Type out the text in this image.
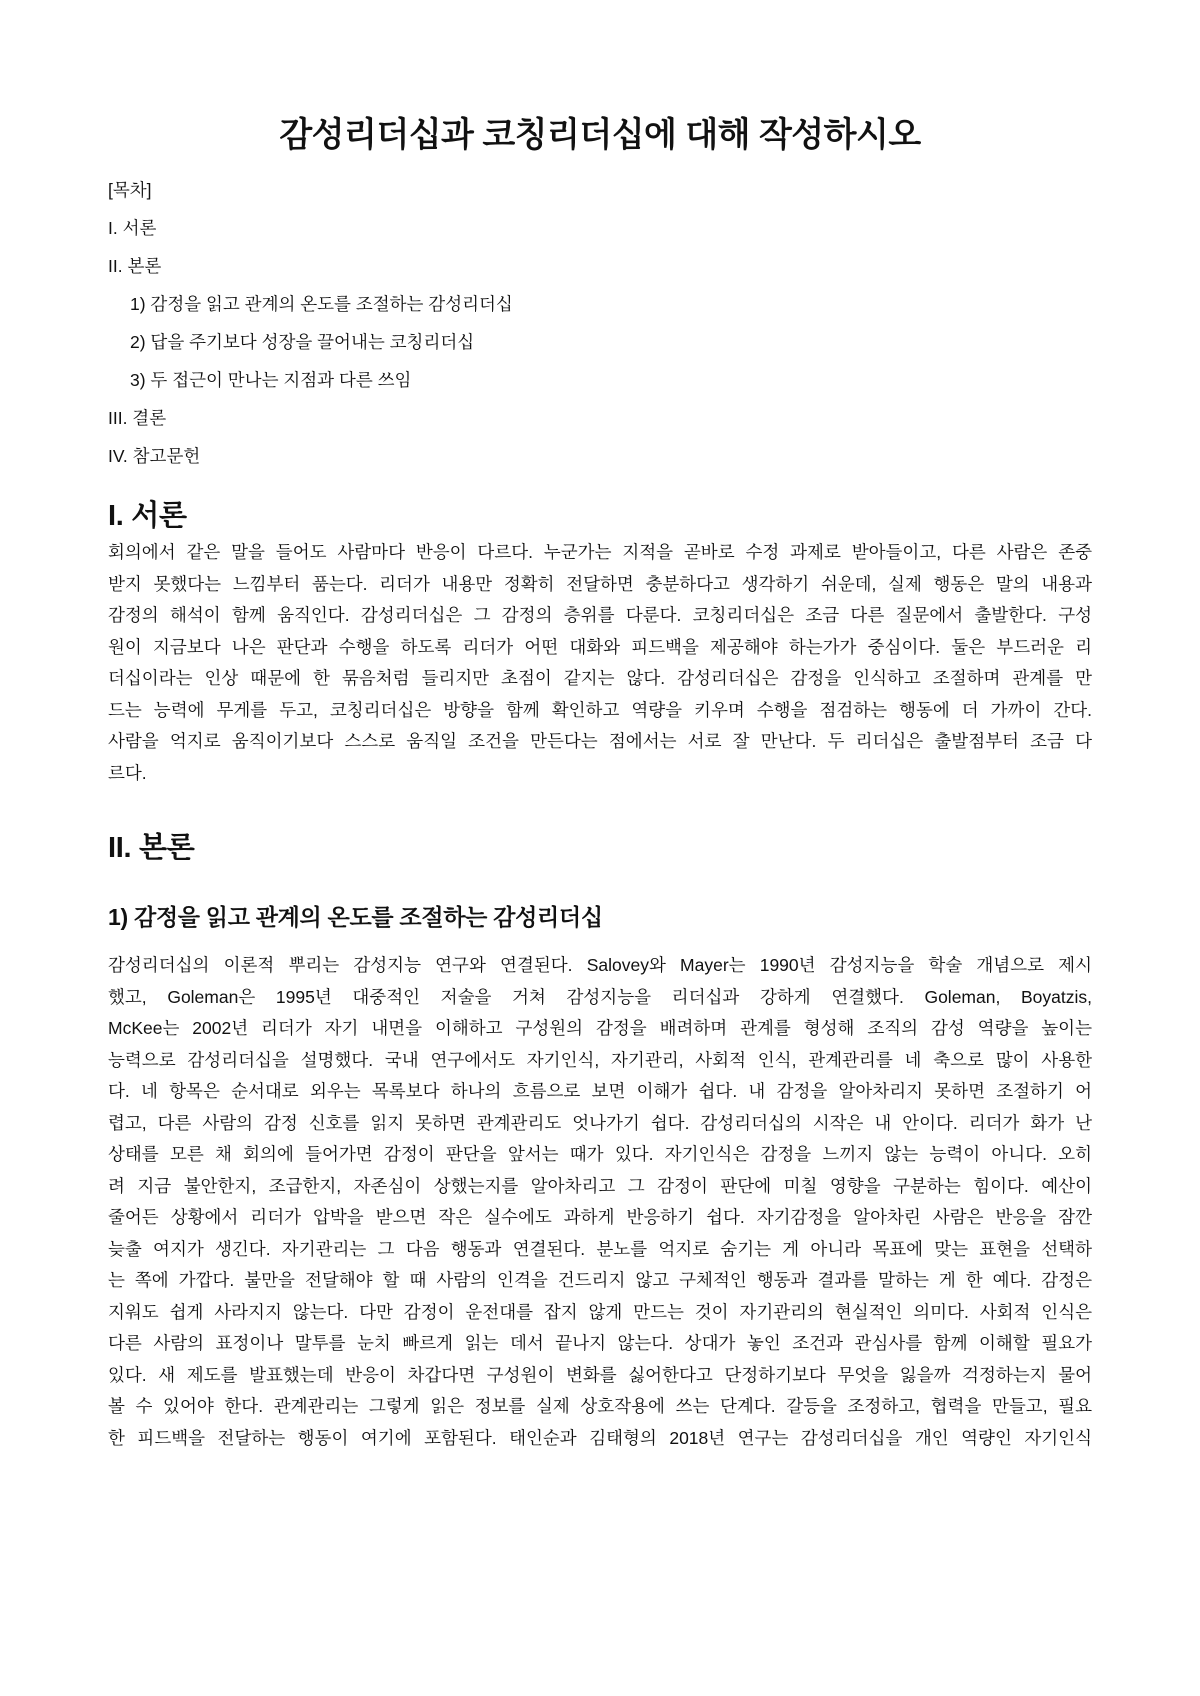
감성리더십과 코칭리더십에 대해 작성하시오
[목차]
I. 서론
II. 본론
1) 감정을 읽고 관계의 온도를 조절하는 감성리더십
2) 답을 주기보다 성장을 끌어내는 코칭리더십
3) 두 접근이 만나는 지점과 다른 쓰임
III. 결론
IV. 참고문헌
I. 서론
회의에서 같은 말을 들어도 사람마다 반응이 다르다. 누군가는 지적을 곧바로 수정 과제로 받아들이고, 다른 사람은 존중
받지 못했다는 느낌부터 품는다. 리더가 내용만 정확히 전달하면 충분하다고 생각하기 쉬운데, 실제 행동은 말의 내용과
감정의 해석이 함께 움직인다. 감성리더십은 그 감정의 층위를 다룬다. 코칭리더십은 조금 다른 질문에서 출발한다. 구성
원이 지금보다 나은 판단과 수행을 하도록 리더가 어떤 대화와 피드백을 제공해야 하는가가 중심이다. 둘은 부드러운 리
더십이라는 인상 때문에 한 묶음처럼 들리지만 초점이 같지는 않다. 감성리더십은 감정을 인식하고 조절하며 관계를 만
드는 능력에 무게를 두고, 코칭리더십은 방향을 함께 확인하고 역량을 키우며 수행을 점검하는 행동에 더 가까이 간다.
사람을 억지로 움직이기보다 스스로 움직일 조건을 만든다는 점에서는 서로 잘 만난다. 두 리더십은 출발점부터 조금 다
르다.
II. 본론
1) 감정을 읽고 관계의 온도를 조절하는 감성리더십
감성리더십의 이론적 뿌리는 감성지능 연구와 연결된다. Salovey와 Mayer는 1990년 감성지능을 학술 개념으로 제시
했고, Goleman은 1995년 대중적인 저술을 거쳐 감성지능을 리더십과 강하게 연결했다. Goleman, Boyatzis,
McKee는 2002년 리더가 자기 내면을 이해하고 구성원의 감정을 배려하며 관계를 형성해 조직의 감성 역량을 높이는
능력으로 감성리더십을 설명했다. 국내 연구에서도 자기인식, 자기관리, 사회적 인식, 관계관리를 네 축으로 많이 사용한
다. 네 항목은 순서대로 외우는 목록보다 하나의 흐름으로 보면 이해가 쉽다. 내 감정을 알아차리지 못하면 조절하기 어
렵고, 다른 사람의 감정 신호를 읽지 못하면 관계관리도 엇나가기 쉽다. 감성리더십의 시작은 내 안이다. 리더가 화가 난
상태를 모른 채 회의에 들어가면 감정이 판단을 앞서는 때가 있다. 자기인식은 감정을 느끼지 않는 능력이 아니다. 오히
려 지금 불안한지, 조급한지, 자존심이 상했는지를 알아차리고 그 감정이 판단에 미칠 영향을 구분하는 힘이다. 예산이
줄어든 상황에서 리더가 압박을 받으면 작은 실수에도 과하게 반응하기 쉽다. 자기감정을 알아차린 사람은 반응을 잠깐
늦출 여지가 생긴다. 자기관리는 그 다음 행동과 연결된다. 분노를 억지로 숨기는 게 아니라 목표에 맞는 표현을 선택하
는 쪽에 가깝다. 불만을 전달해야 할 때 사람의 인격을 건드리지 않고 구체적인 행동과 결과를 말하는 게 한 예다. 감정은
지워도 쉽게 사라지지 않는다. 다만 감정이 운전대를 잡지 않게 만드는 것이 자기관리의 현실적인 의미다. 사회적 인식은
다른 사람의 표정이나 말투를 눈치 빠르게 읽는 데서 끝나지 않는다. 상대가 놓인 조건과 관심사를 함께 이해할 필요가
있다. 새 제도를 발표했는데 반응이 차갑다면 구성원이 변화를 싫어한다고 단정하기보다 무엇을 잃을까 걱정하는지 물어
볼 수 있어야 한다. 관계관리는 그렇게 읽은 정보를 실제 상호작용에 쓰는 단계다. 갈등을 조정하고, 협력을 만들고, 필요
한 피드백을 전달하는 행동이 여기에 포함된다. 태인순과 김태형의 2018년 연구는 감성리더십을 개인 역량인 자기인식
